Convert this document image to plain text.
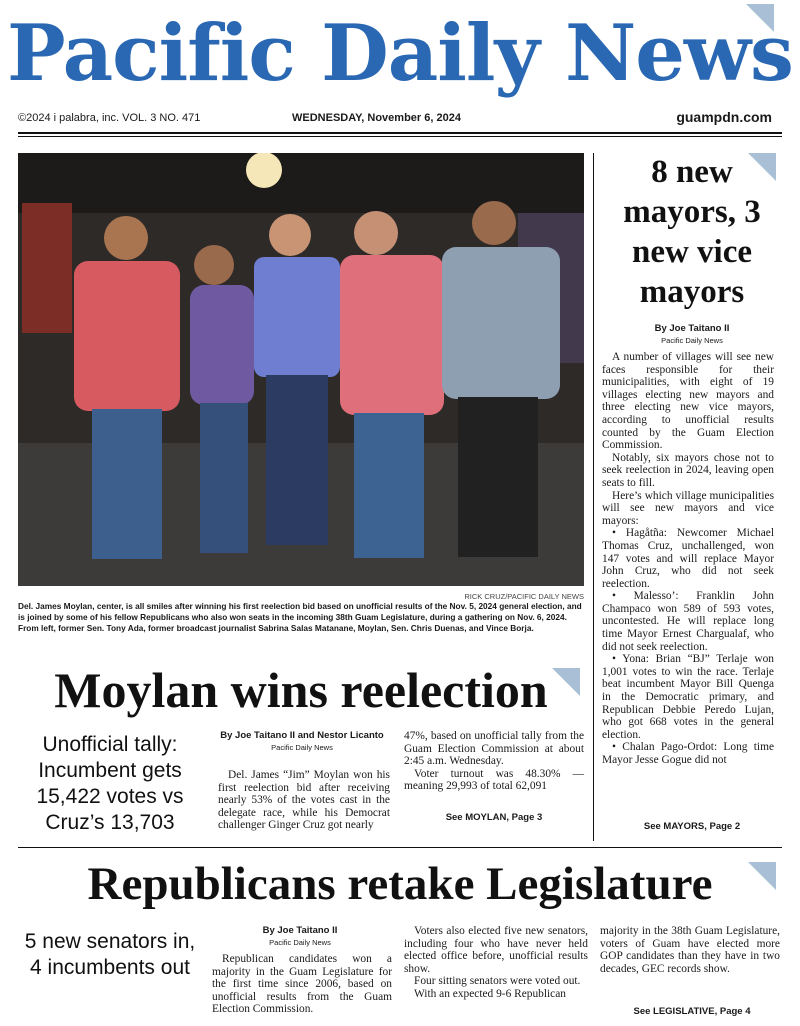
Pacific Daily News
©2024 i palabra, inc. VOL. 3 NO. 471	WEDNESDAY, November 6, 2024	guampdn.com
RICK CRUZ/PACIFIC DAILY NEWS
Del. James Moylan, center, is all smiles after winning his first reelection bid based on unofficial results of the Nov. 5, 2024 general election, and is joined by some of his fellow Republicans who also won seats in the incoming 38th Guam Legislature, during a gathering on Nov. 6, 2024. From left, former Sen. Tony Ada, former broadcast journalist Sabrina Salas Matanane, Moylan, Sen. Chris Duenas, and Vince Borja.
8 new mayors, 3 new vice mayors
By Joe Taitano II
Pacific Daily News

A number of villages will see new faces responsible for their municipalities, with eight of 19 villages electing new mayors and three electing new vice mayors, according to unofficial results counted by the Guam Election Commission.

Notably, six mayors chose not to seek reelection in 2024, leaving open seats to fill.

Here’s which village municipalities will see new mayors and vice mayors:

• Hagåtña: Newcomer Michael Thomas Cruz, unchallenged, won 147 votes and will replace Mayor John Cruz, who did not seek reelection.

• Malesso’: Franklin John Champaco won 589 of 593 votes, uncontested. He will replace long time Mayor Ernest Chargualaf, who did not seek reelection.

• Yona: Brian “BJ” Terlaje won 1,001 votes to win the race. Terlaje beat incumbent Mayor Bill Quenga in the Democratic primary, and Republican Debbie Peredo Lujan, who got 668 votes in the general election.

• Chalan Pago-Ordot: Long time Mayor Jesse Gogue did not

See MAYORS, Page 2
Moylan wins reelection
Unofficial tally: Incumbent gets 15,422 votes vs Cruz’s 13,703
By Joe Taitano II and Nestor Licanto
Pacific Daily News

Del. James “Jim” Moylan won his first reelection bid after receiving nearly 53% of the votes cast in the delegate race, while his Democrat challenger Ginger Cruz got nearly

47%, based on unofficial tally from the Guam Election Commission at about 2:45 a.m. Wednesday.

Voter turnout was 48.30% — meaning 29,993 of total 62,091

See MOYLAN, Page 3
Republicans retake Legislature
5 new senators in, 4 incumbents out
By Joe Taitano II
Pacific Daily News

Republican candidates won a majority in the Guam Legislature for the first time since 2006, based on unofficial results from the Guam Election Commission.

Voters also elected five new senators, including four who have never held elected office before, unofficial results show.

Four sitting senators were voted out.

With an expected 9-6 Republican

majority in the 38th Guam Legislature, voters of Guam have elected more GOP candidates than they have in two decades, GEC records show.

See LEGISLATIVE, Page 4
